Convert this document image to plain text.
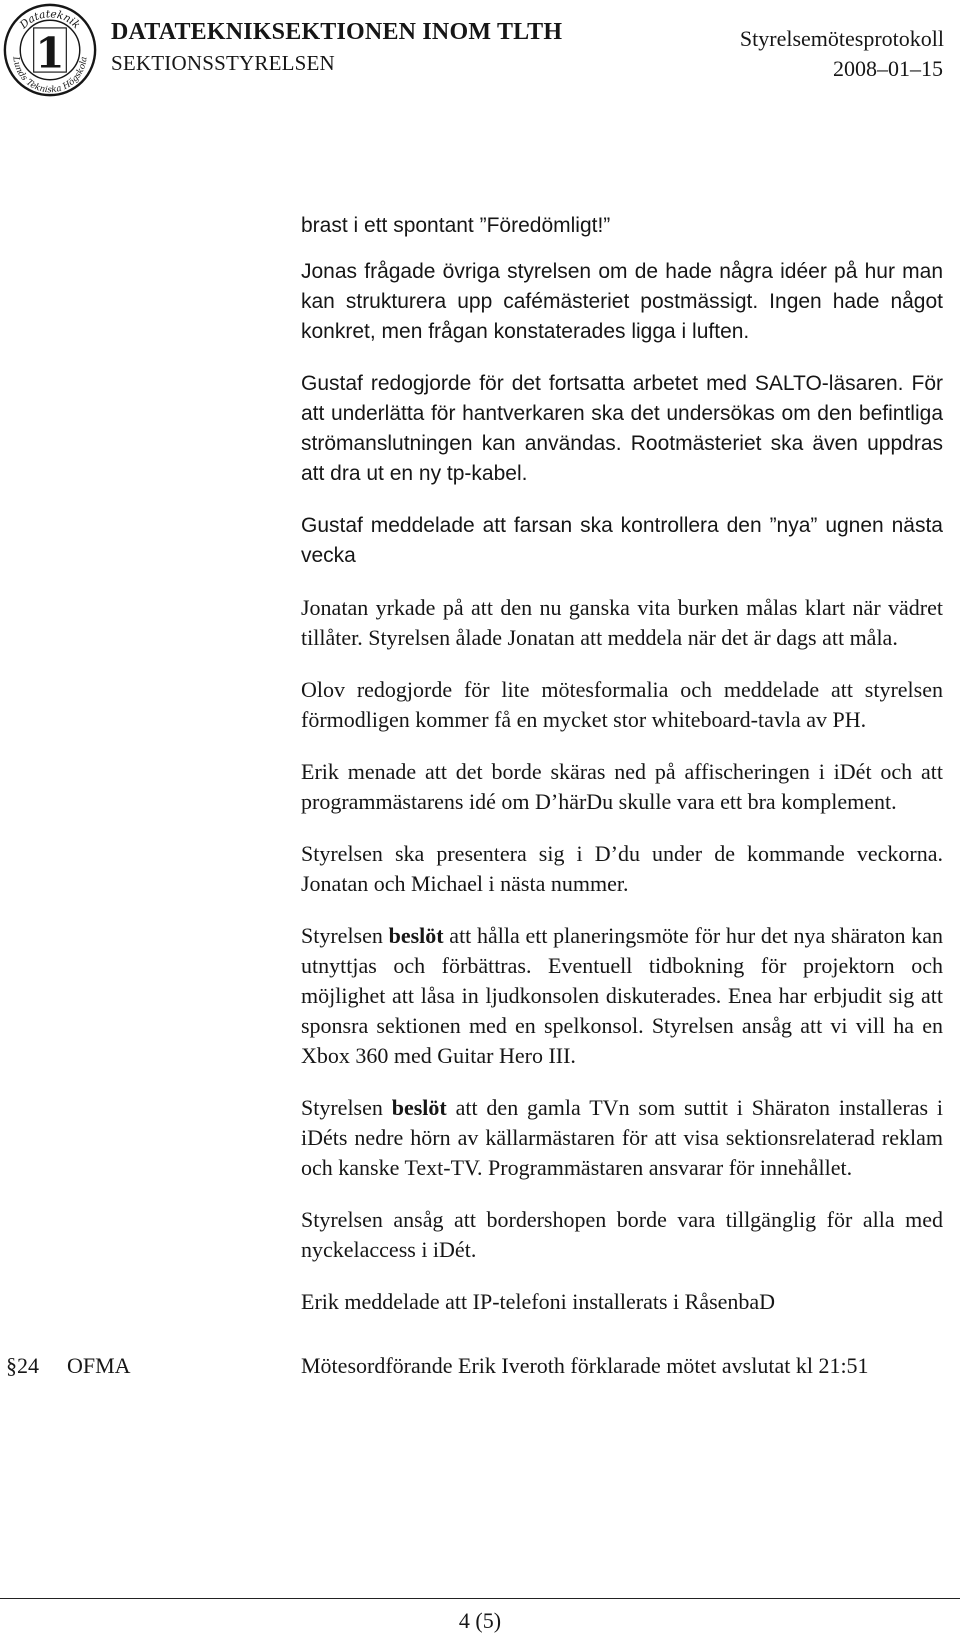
Datateknik
Lunds Tekniska Högskola
1 DATATEKNIKSEKTIONEN INOM TLTH
SEKTIONSSTYRELSEN
Styrelsemötesprotokoll
2008–01–15

brast i ett spontant ”Föredömligt!”

Jonas frågade övriga styrelsen om de hade några idéer på hur man kan strukturera upp cafémästeriet postmässigt. Ingen hade något konkret, men frågan konstaterades ligga i luften.

Gustaf redogjorde för det fortsatta arbetet med SALTO-läsaren. För att underlätta för hantverkaren ska det undersökas om den befintliga strömanslutningen kan användas. Rootmästeriet ska även uppdras att dra ut en ny tp-kabel.

Gustaf meddelade att farsan ska kontrollera den ”nya” ugnen nästa vecka

Jonatan yrkade på att den nu ganska vita burken målas klart när vädret tillåter. Styrelsen ålade Jonatan att meddela när det är dags att måla.

Olov redogjorde för lite mötesformalia och meddelade att styrelsen förmodligen kommer få en mycket stor whiteboard-tavla av PH.

Erik menade att det borde skäras ned på affischeringen i iDét och att programmästarens idé om D’härDu skulle vara ett bra komplement.

Styrelsen ska presentera sig i D’du under de kommande veckorna. Jonatan och Michael i nästa nummer.

Styrelsen beslöt att hålla ett planeringsmöte för hur det nya shäraton kan utnyttjas och förbättras. Eventuell tidbokning för projektorn och möjlighet att låsa in ljudkonsolen diskuterades. Enea har erbjudit sig att sponsra sektionen med en spelkonsol. Styrelsen ansåg att vi vill ha en Xbox 360 med Guitar Hero III.

Styrelsen beslöt att den gamla TVn som suttit i Shäraton installeras i iDéts nedre hörn av källarmästaren för att visa sektionsrelaterad reklam och kanske Text-TV. Programmästaren ansvarar för innehållet.

Styrelsen ansåg att bordershopen borde vara tillgänglig för alla med nyckelaccess i iDét.

Erik meddelade att IP-telefoni installerats i RåsenbaD

§24 OFMA	Mötesordförande Erik Iveroth förklarade mötet avslutat kl 21:51
4 (5)
